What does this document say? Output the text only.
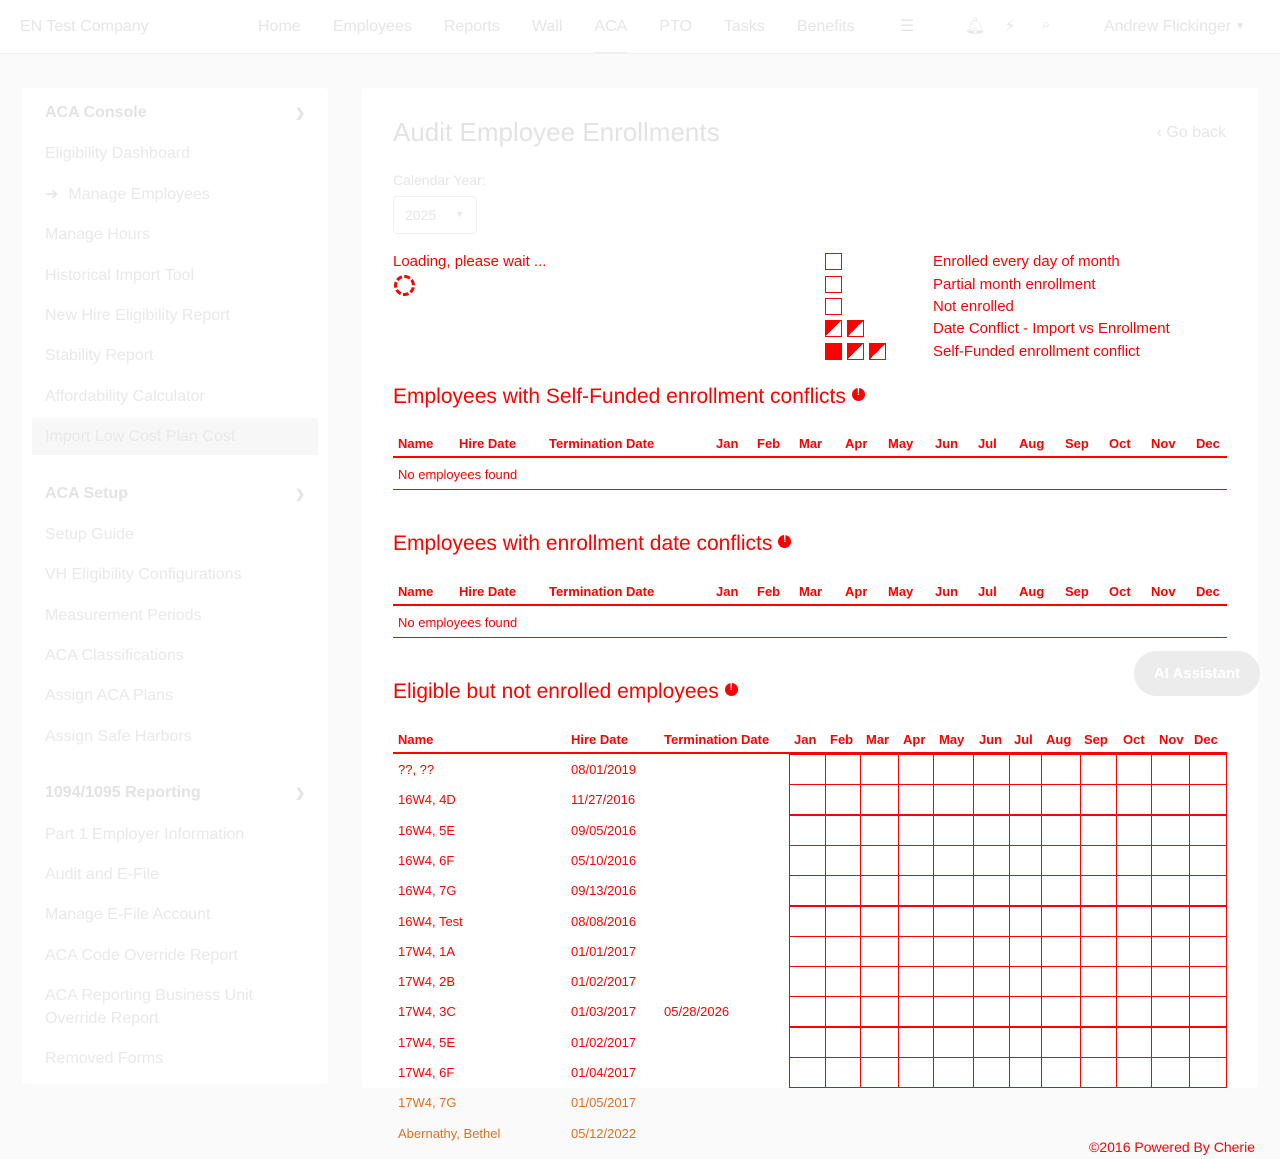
EN Test Company	Home	Employees	Reports	Wall	ACA	PTO	Tasks	Benefits	☰	🔔︎ ⚡︎ ⌕	Andrew Flickinger ▼
ACA Console	❯
Eligibility Dashboard
➔ Manage Employees
Manage Hours
Historical Import Tool
New Hire Eligibility Report
Stability Report
Affordability Calculator
Import Low Cost Plan Cost
ACA Setup	❯
Setup Guide
VH Eligibility Configurations
Measurement Periods
ACA Classifications
Assign ACA Plans
Assign Safe Harbors
1094/1095 Reporting	❯
Part 1 Employer Information
Audit and E-File
Manage E-File Account
ACA Code Override Report
ACA Reporting Business Unit Override Report
Removed Forms
Audit Employee Enrollments	‹ Go back
Calendar Year:
2025 ▼
Loading, please wait ...	Enrolled every day of month
Partial month enrollment
Not enrolled
Date Conflict - Import vs Enrollment
Self-Funded enrollment conflict
Employees with Self-Funded enrollment conflicts!
Name Hire Date	Termination Date	Jan Feb Mar Apr May Jun Jul Aug Sep Oct Nov Dec
No employees found
Employees with enrollment date conflicts!
Name Hire Date	Termination Date	Jan Feb Mar Apr May Jun Jul Aug Sep Oct Nov Dec
No employees found
Eligible but not enrolled employees!
Name	Hire Date	Termination Date Jan Feb Mar Apr May Jun Jul Aug Sep Oct Nov Dec
??, ??	08/01/2019
16W4, 4D	11/27/2016
16W4, 5E	09/05/2016
16W4, 6F	05/10/2016
16W4, 7G	09/13/2016
16W4, Test	08/08/2016
17W4, 1A	01/01/2017
17W4, 2B	01/02/2017
17W4, 3C	01/03/2017 05/28/2026
17W4, 5E	01/02/2017
17W4, 6F	01/04/2017
17W4, 7G	01/05/2017
Abernathy, Bethel	05/12/2022
AI Assistant
©2016 Powered By Cherie
